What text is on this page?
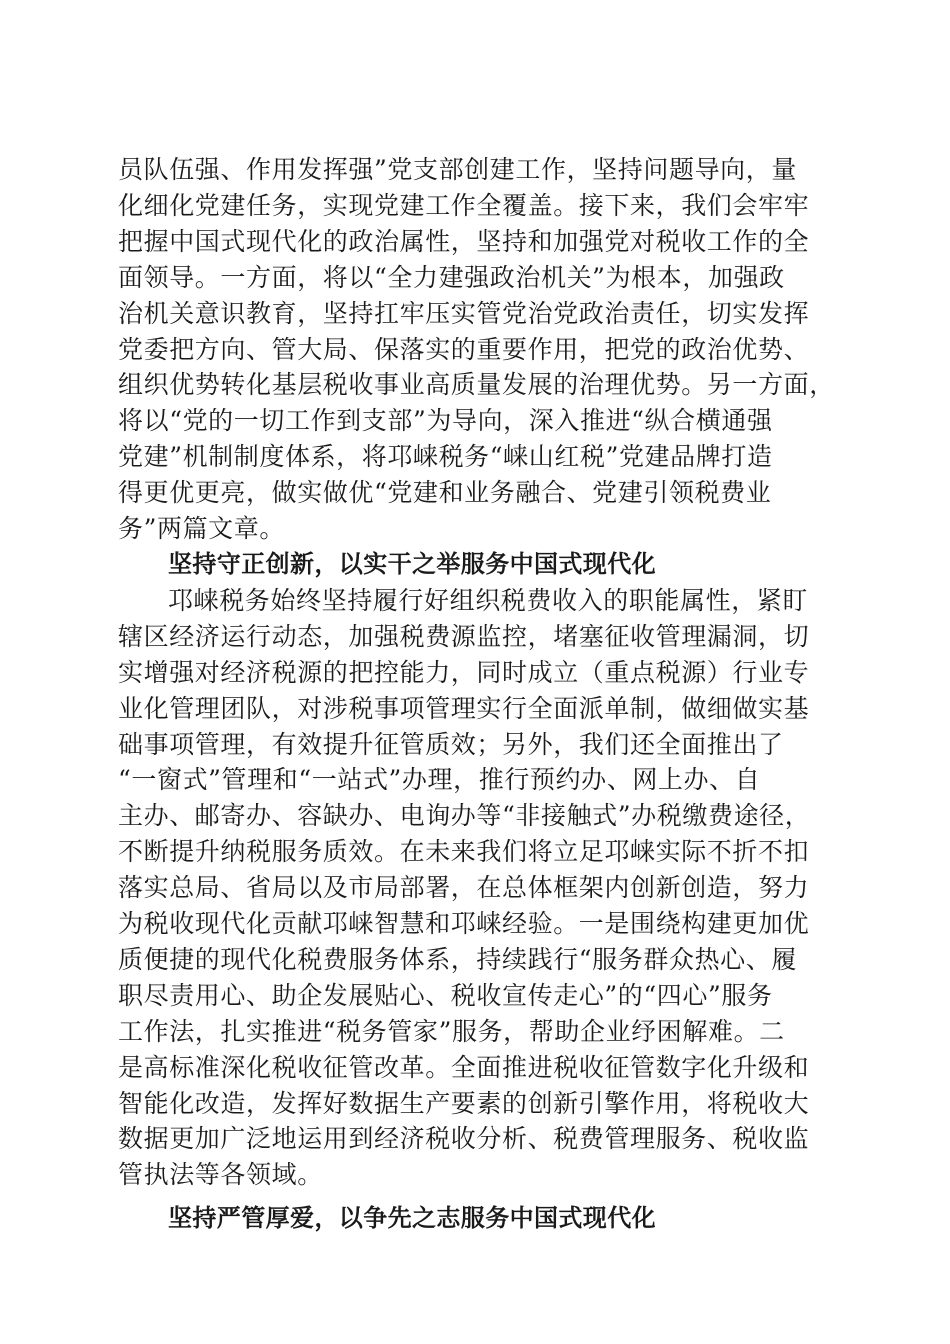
员队伍强、作用发挥强”党支部创建工作，坚持问题导向，量
化细化党建任务，实现党建工作全覆盖。接下来，我们会牢牢
把握中国式现代化的政治属性，坚持和加强党对税收工作的全
面领导。一方面，将以“全力建强政治机关”为根本，加强政
治机关意识教育，坚持扛牢压实管党治党政治责任，切实发挥
党委把方向、管大局、保落实的重要作用，把党的政治优势、
组织优势转化基层税收事业高质量发展的治理优势。另一方面，
将以“党的一切工作到支部”为导向，深入推进“纵合横通强
党建”机制制度体系，将邛崃税务“崃山红税”党建品牌打造
得更优更亮，做实做优“党建和业务融合、党建引领税费业
务”两篇文章。
坚持守正创新，以实干之举服务中国式现代化
邛崃税务始终坚持履行好组织税费收入的职能属性，紧盯
辖区经济运行动态，加强税费源监控，堵塞征收管理漏洞，切
实增强对经济税源的把控能力，同时成立（重点税源）行业专
业化管理团队，对涉税事项管理实行全面派单制，做细做实基
础事项管理，有效提升征管质效；另外，我们还全面推出了
“一窗式”管理和“一站式”办理，推行预约办、网上办、自
主办、邮寄办、容缺办、电询办等“非接触式”办税缴费途径，
不断提升纳税服务质效。在未来我们将立足邛崃实际不折不扣
落实总局、省局以及市局部署，在总体框架内创新创造，努力
为税收现代化贡献邛崃智慧和邛崃经验。一是围绕构建更加优
质便捷的现代化税费服务体系，持续践行“服务群众热心、履
职尽责用心、助企发展贴心、税收宣传走心”的“四心”服务
工作法，扎实推进“税务管家”服务，帮助企业纾困解难。二
是高标准深化税收征管改革。全面推进税收征管数字化升级和
智能化改造，发挥好数据生产要素的创新引擎作用，将税收大
数据更加广泛地运用到经济税收分析、税费管理服务、税收监
管执法等各领域。
坚持严管厚爱，以争先之志服务中国式现代化
